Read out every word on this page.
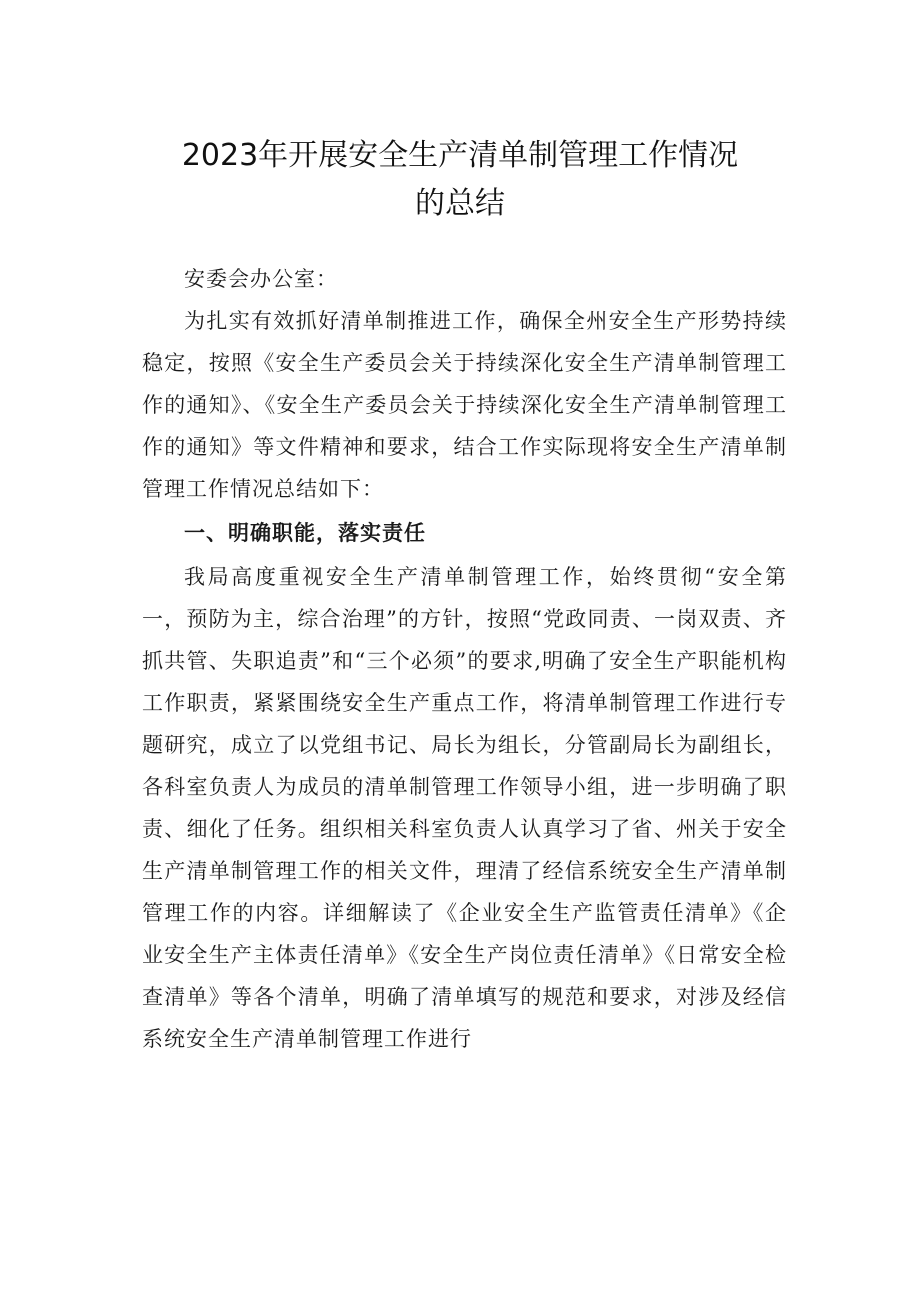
2023年开展安全生产清单制管理工作情况
的总结

安委会办公室：

为扎实有效抓好清单制推进工作，确保全州安全生产形势持续稳定，按照《安全生产委员会关于持续深化安全生产清单制管理工作的通知》、《安全生产委员会关于持续深化安全生产清单制管理工作的通知》等文件精神和要求，结合工作实际现将安全生产清单制管理工作情况总结如下：

一、明确职能，落实责任

我局高度重视安全生产清单制管理工作，始终贯彻“安全第一，预防为主，综合治理”的方针，按照“党政同责、一岗双责、齐抓共管、失职追责”和“三个必须”的要求,明确了安全生产职能机构工作职责，紧紧围绕安全生产重点工作，将清单制管理工作进行专题研究，成立了以党组书记、局长为组长，分管副局长为副组长，各科室负责人为成员的清单制管理工作领导小组，进一步明确了职责、细化了任务。组织相关科室负责人认真学习了省、州关于安全生产清单制管理工作的相关文件，理清了经信系统安全生产清单制管理工作的内容。详细解读了《企业安全生产监管责任清单》《企业安全生产主体责任清单》《安全生产岗位责任清单》《日常安全检查清单》等各个清单，明确了清单填写的规范和要求，对涉及经信系统安全生产清单制管理工作进行
